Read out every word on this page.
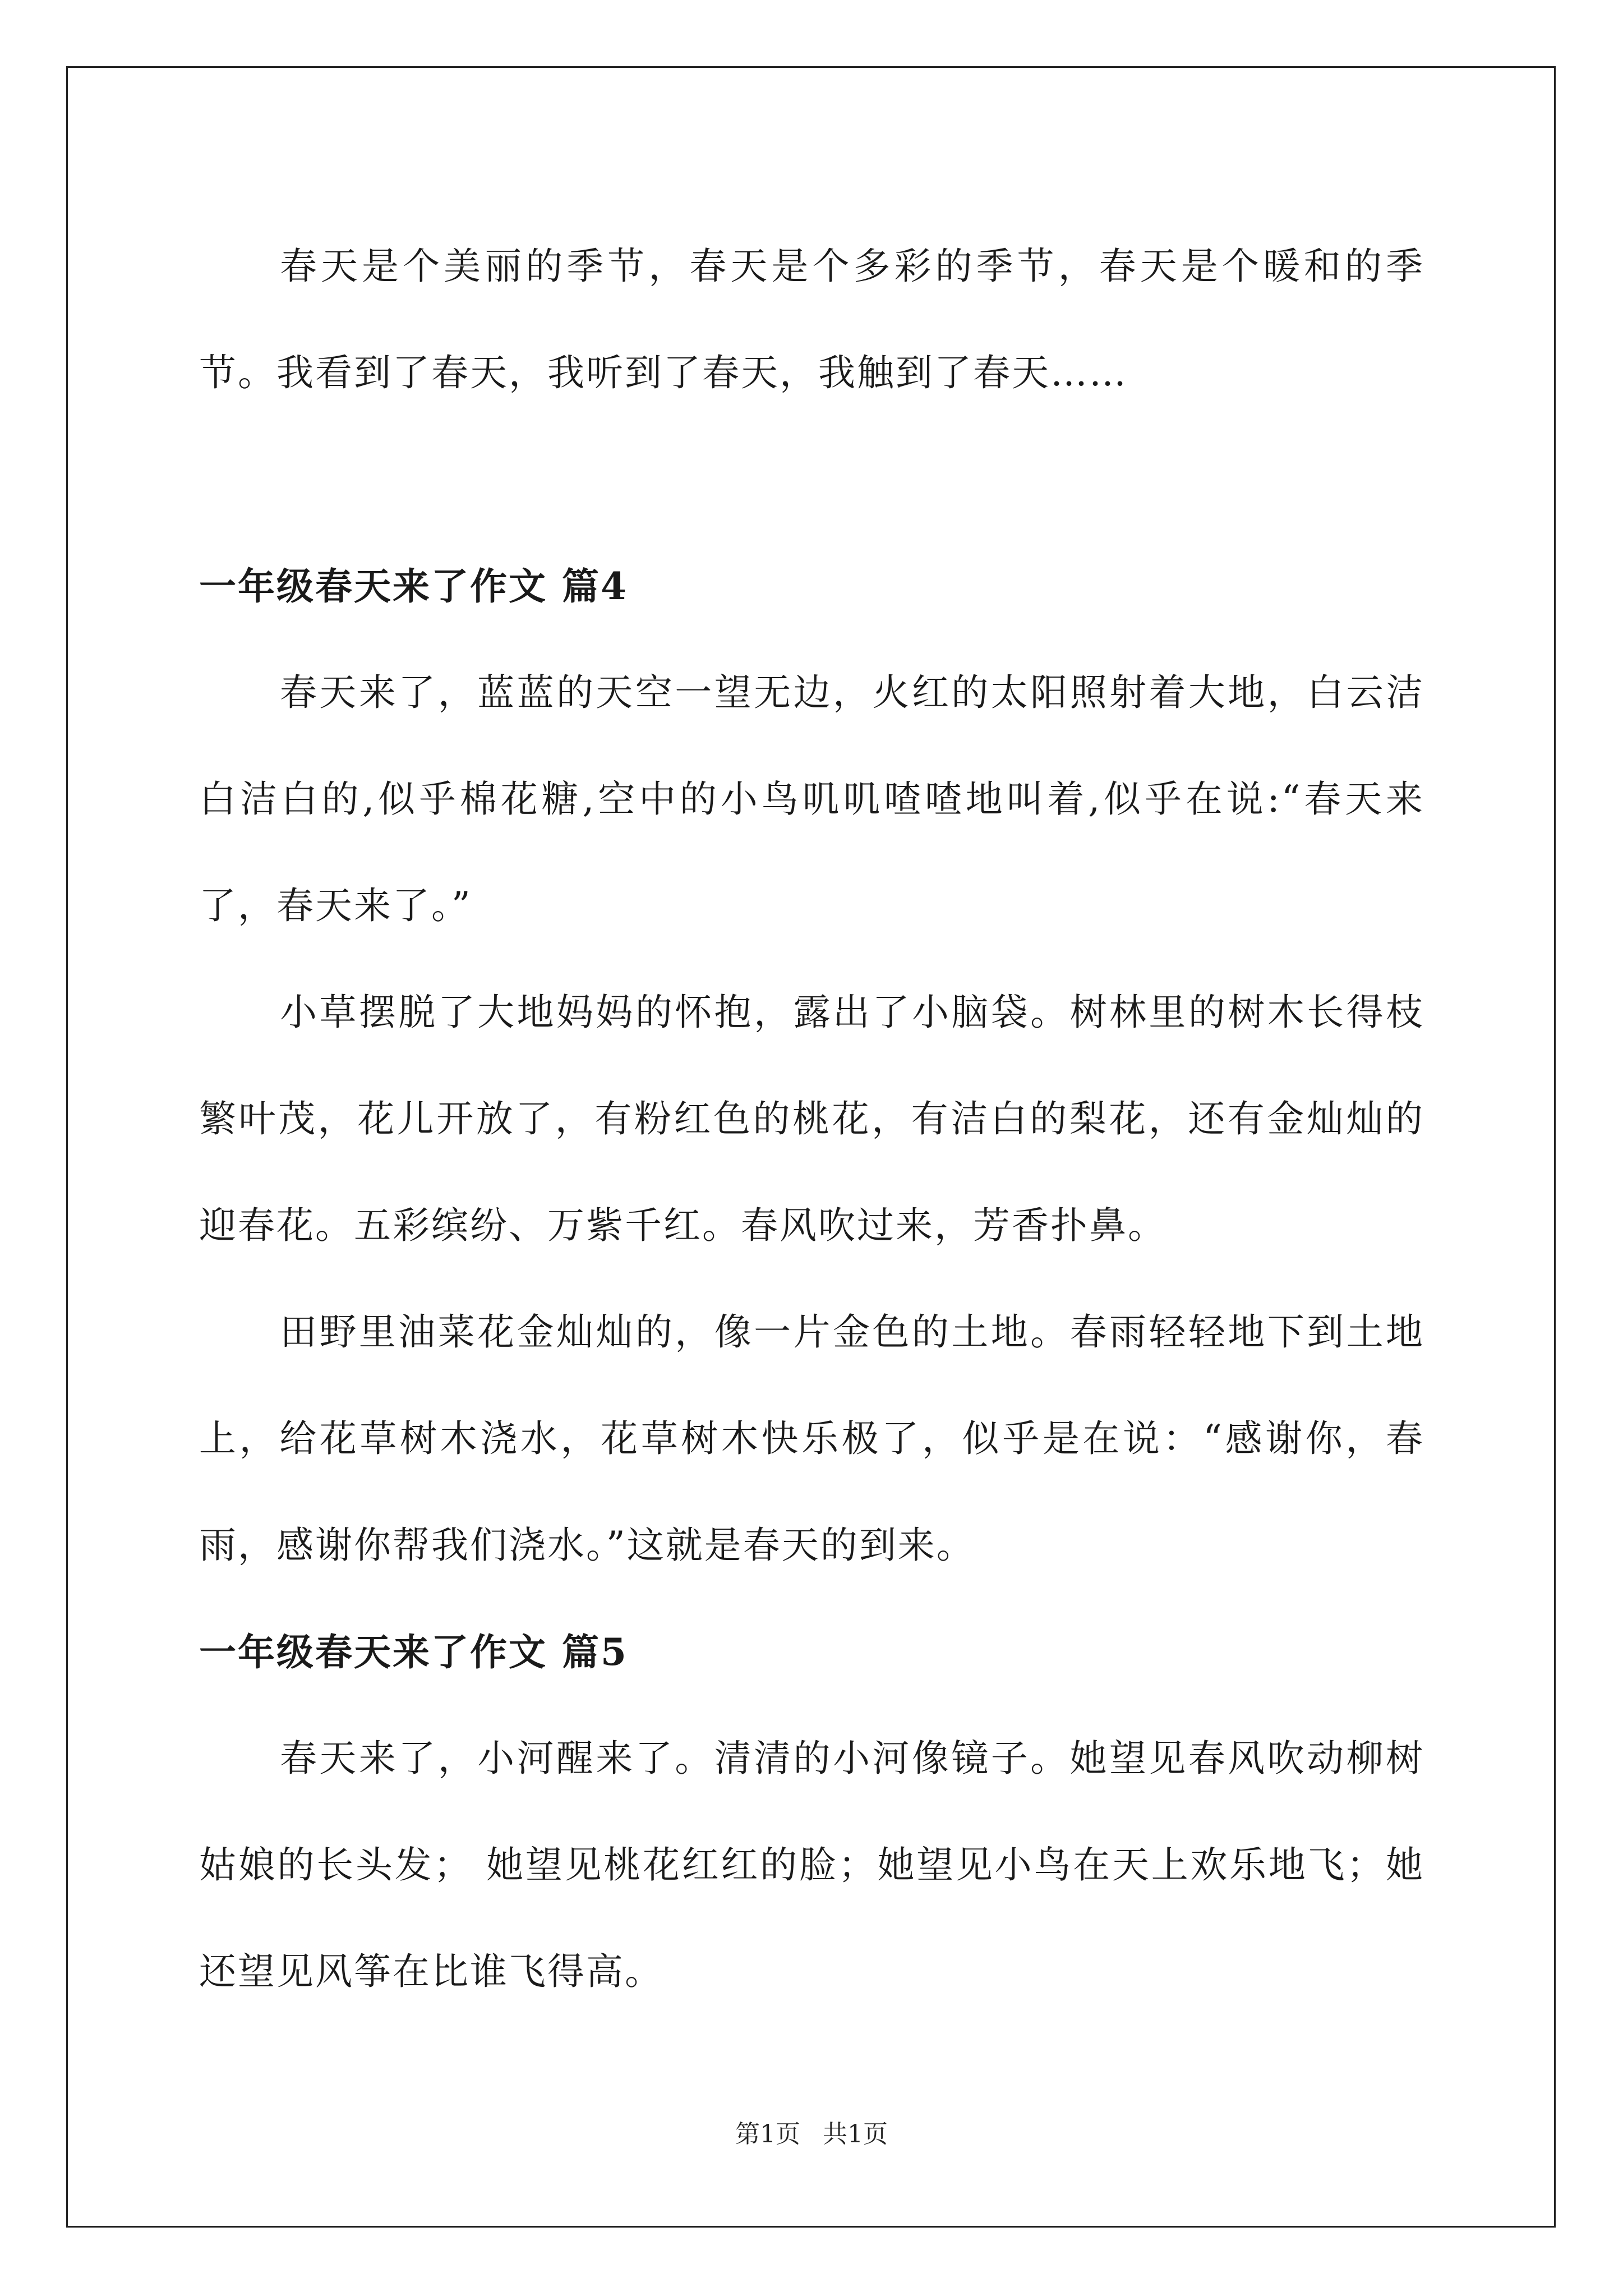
春天是个美丽的季节，春天是个多彩的季节，春天是个暖和的季节。我看到了春天，我听到了春天，我触到了春天……

一年级春天来了作文 篇4

春天来了，蓝蓝的天空一望无边，火红的太阳照射着大地，白云洁白洁白的,似乎棉花糖,空中的小鸟叽叽喳喳地叫着,似乎在说:“春天来了，春天来了。”

小草摆脱了大地妈妈的怀抱，露出了小脑袋。树林里的树木长得枝繁叶茂，花儿开放了，有粉红色的桃花，有洁白的梨花，还有金灿灿的迎春花。五彩缤纷、万紫千红。春风吹过来，芳香扑鼻。

田野里油菜花金灿灿的，像一片金色的土地。春雨轻轻地下到土地上，给花草树木浇水，花草树木快乐极了，似乎是在说：“感谢你，春雨，感谢你帮我们浇水。”这就是春天的到来。

一年级春天来了作文 篇5

春天来了，小河醒来了。清清的小河像镜子。她望见春风吹动柳树姑娘的长头发； 她望见桃花红红的脸；她望见小鸟在天上欢乐地飞；她还望见风筝在比谁飞得高。

第1页 共1页
